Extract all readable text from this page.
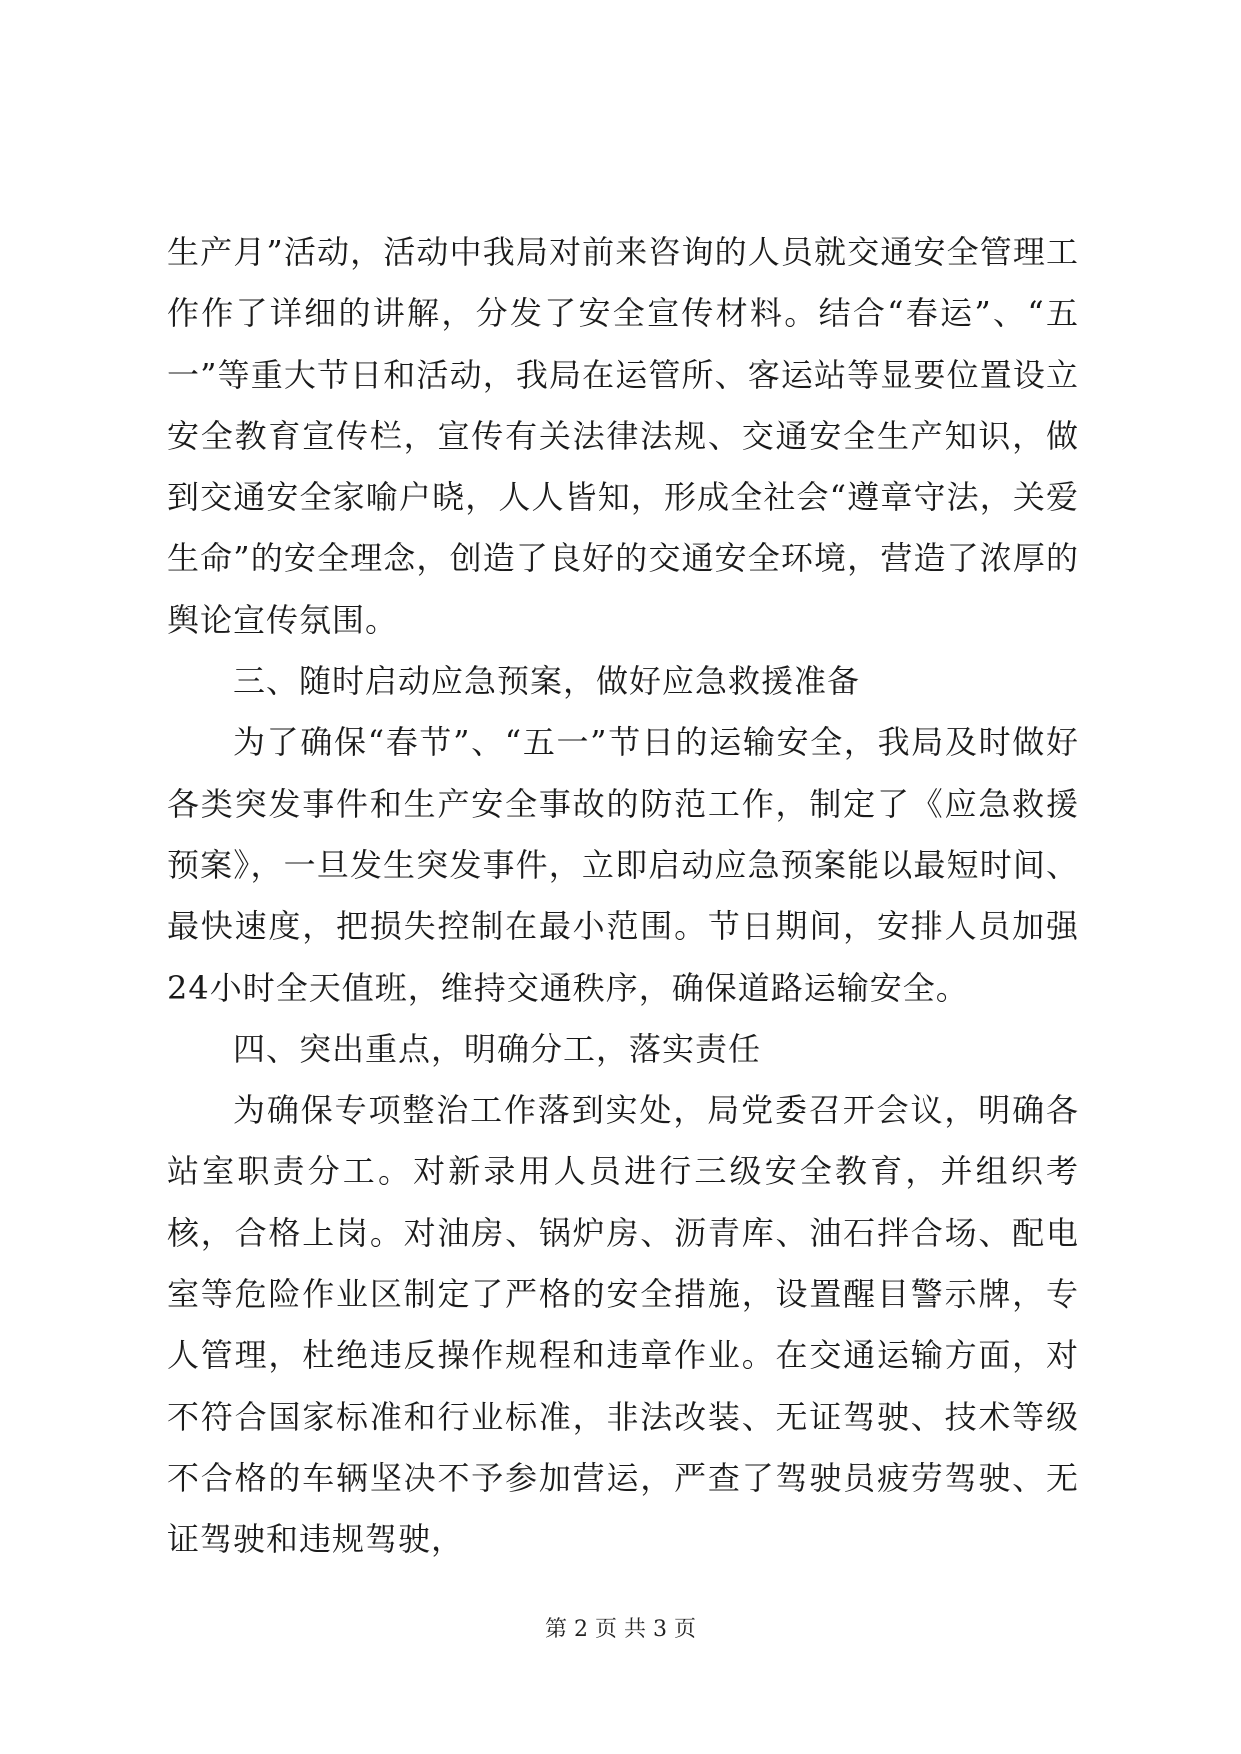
生产月”活动，活动中我局对前来咨询的人员就交通安全管理工作作了详细的讲解，分发了安全宣传材料。结合“春运”、“五一”等重大节日和活动，我局在运管所、客运站等显要位置设立安全教育宣传栏，宣传有关法律法规、交通安全生产知识，做到交通安全家喻户晓，人人皆知，形成全社会“遵章守法，关爱生命”的安全理念，创造了良好的交通安全环境，营造了浓厚的舆论宣传氛围。

三、随时启动应急预案，做好应急救援准备

为了确保“春节”、“五一”节日的运输安全，我局及时做好各类突发事件和生产安全事故的防范工作，制定了《应急救援预案》，一旦发生突发事件，立即启动应急预案能以最短时间、最快速度，把损失控制在最小范围。节日期间，安排人员加强24小时全天值班，维持交通秩序，确保道路运输安全。

四、突出重点，明确分工，落实责任

为确保专项整治工作落到实处，局党委召开会议，明确各站室职责分工。对新录用人员进行三级安全教育，并组织考核，合格上岗。对油房、锅炉房、沥青库、油石拌合场、配电室等危险作业区制定了严格的安全措施，设置醒目警示牌，专人管理，杜绝违反操作规程和违章作业。在交通运输方面，对不符合国家标准和行业标准，非法改装、无证驾驶、技术等级不合格的车辆坚决不予参加营运，严查了驾驶员疲劳驾驶、无证驾驶和违规驾驶，

第 2 页 共 3 页
